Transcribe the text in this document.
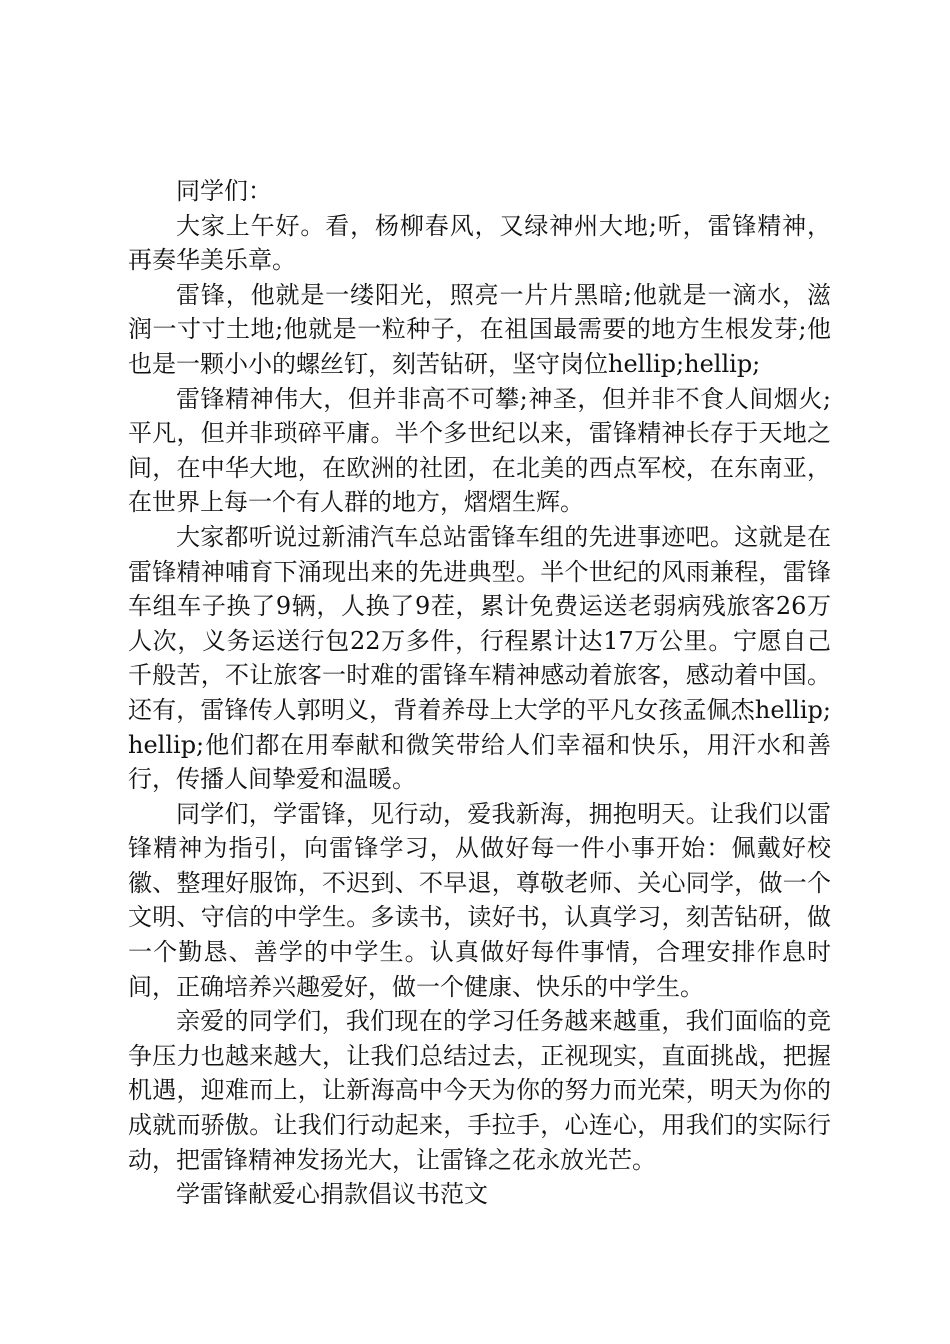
同学们：

大家上午好。看，杨柳春风，又绿神州大地;听，雷锋精神，再奏华美乐章。

雷锋，他就是一缕阳光，照亮一片片黑暗;他就是一滴水，滋润一寸寸土地;他就是一粒种子，在祖国最需要的地方生根发芽;他也是一颗小小的螺丝钉，刻苦钻研，坚守岗位hellip;hellip;

雷锋精神伟大，但并非高不可攀;神圣，但并非不食人间烟火;平凡，但并非琐碎平庸。半个多世纪以来，雷锋精神长存于天地之间，在中华大地，在欧洲的社团，在北美的西点军校，在东南亚，在世界上每一个有人群的地方，熠熠生辉。

大家都听说过新浦汽车总站雷锋车组的先进事迹吧。这就是在雷锋精神哺育下涌现出来的先进典型。半个世纪的风雨兼程，雷锋车组车子换了9辆，人换了9茬，累计免费运送老弱病残旅客26万人次，义务运送行包22万多件，行程累计达17万公里。宁愿自己千般苦，不让旅客一时难的雷锋车精神感动着旅客，感动着中国。还有，雷锋传人郭明义，背着养母上大学的平凡女孩孟佩杰hellip;hellip;他们都在用奉献和微笑带给人们幸福和快乐，用汗水和善行，传播人间挚爱和温暖。

同学们，学雷锋，见行动，爱我新海，拥抱明天。让我们以雷锋精神为指引，向雷锋学习，从做好每一件小事开始：佩戴好校徽、整理好服饰，不迟到、不早退，尊敬老师、关心同学，做一个文明、守信的中学生。多读书，读好书，认真学习，刻苦钻研，做一个勤恳、善学的中学生。认真做好每件事情，合理安排作息时间，正确培养兴趣爱好，做一个健康、快乐的中学生。

亲爱的同学们，我们现在的学习任务越来越重，我们面临的竞争压力也越来越大，让我们总结过去，正视现实，直面挑战，把握机遇，迎难而上，让新海高中今天为你的努力而光荣，明天为你的成就而骄傲。让我们行动起来，手拉手，心连心，用我们的实际行动，把雷锋精神发扬光大，让雷锋之花永放光芒。

学雷锋献爱心捐款倡议书范文
